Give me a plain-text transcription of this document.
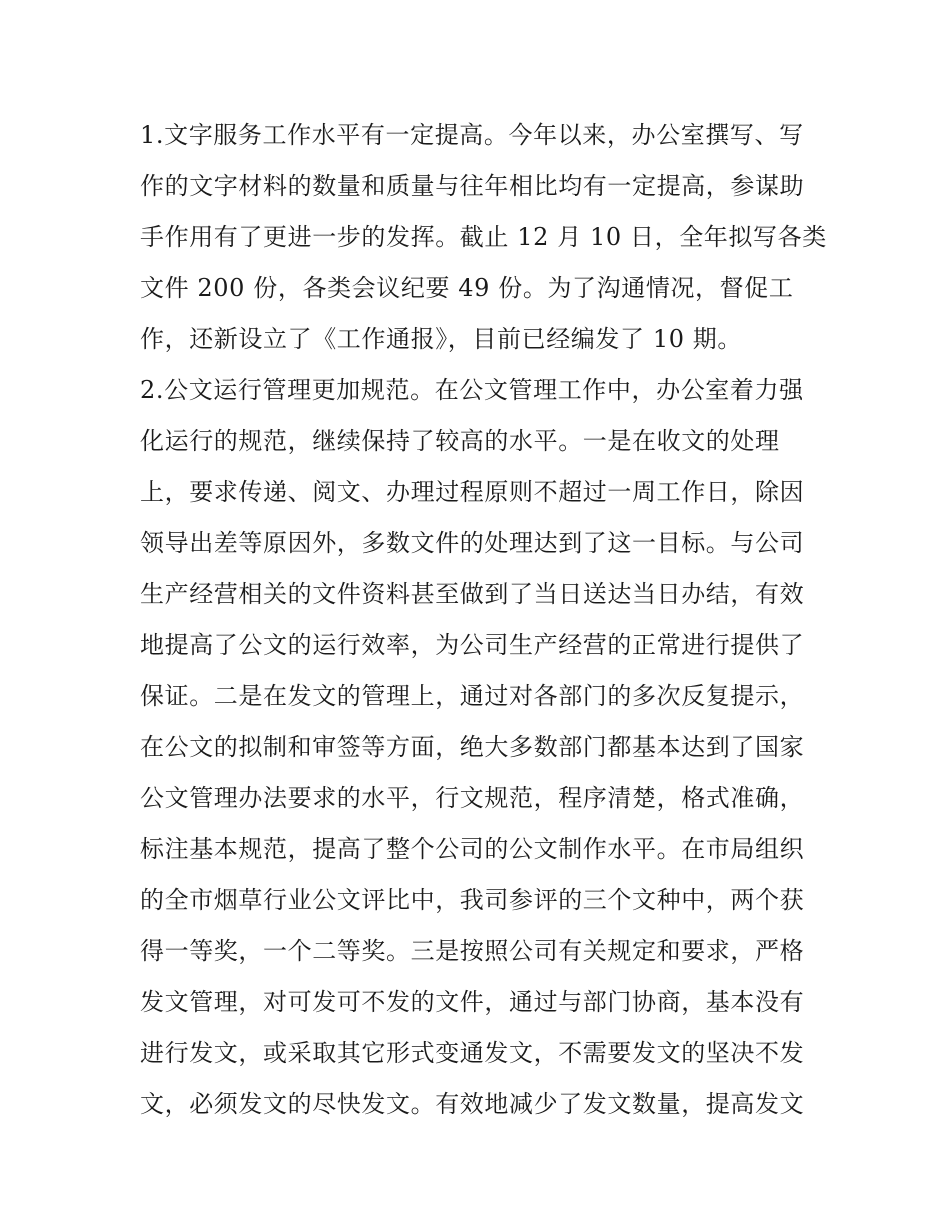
1.文字服务工作水平有一定提高。今年以来，办公室撰写、写
作的文字材料的数量和质量与往年相比均有一定提高，参谋助
手作用有了更进一步的发挥。截止 12 月 10 日，全年拟写各类
文件 200 份，各类会议纪要 49 份。为了沟通情况，督促工
作，还新设立了《工作通报》，目前已经编发了 10 期。
2.公文运行管理更加规范。在公文管理工作中，办公室着力强
化运行的规范，继续保持了较高的水平。一是在收文的处理
上，要求传递、阅文、办理过程原则不超过一周工作日，除因
领导出差等原因外，多数文件的处理达到了这一目标。与公司
生产经营相关的文件资料甚至做到了当日送达当日办结，有效
地提高了公文的运行效率，为公司生产经营的正常进行提供了
保证。二是在发文的管理上，通过对各部门的多次反复提示，
在公文的拟制和审签等方面，绝大多数部门都基本达到了国家
公文管理办法要求的水平，行文规范，程序清楚，格式准确，
标注基本规范，提高了整个公司的公文制作水平。在市局组织
的全市烟草行业公文评比中，我司参评的三个文种中，两个获
得一等奖，一个二等奖。三是按照公司有关规定和要求，严格
发文管理，对可发可不发的文件，通过与部门协商，基本没有
进行发文，或采取其它形式变通发文，不需要发文的坚决不发
文，必须发文的尽快发文。有效地减少了发文数量，提高发文
